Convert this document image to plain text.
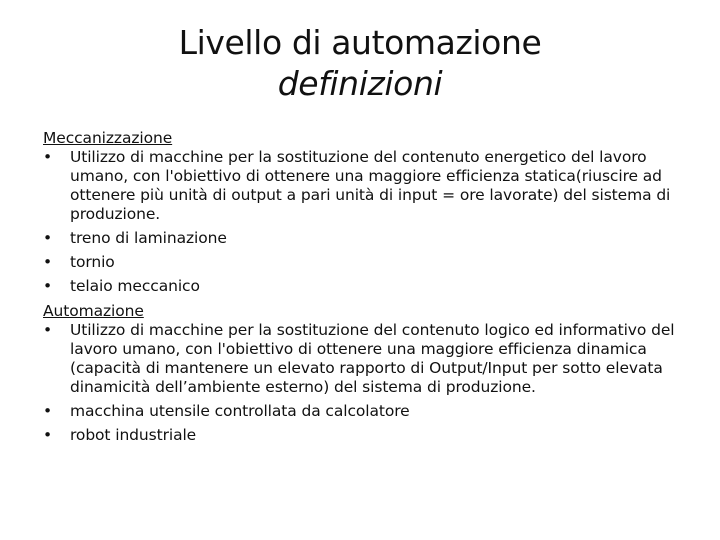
Livello di automazione
definizioni
Meccanizzazione
•	Utilizzo di macchine per la sostituzione del contenuto energetico del lavoro umano, con l'obiettivo di ottenere una maggiore efficienza statica(riuscire ad ottenere più unità di output a pari unità di input = ore lavorate) del sistema di produzione.
•	treno di laminazione
•	tornio
•	telaio meccanico
Automazione
•	Utilizzo di macchine per la sostituzione del contenuto logico ed informativo del lavoro umano, con l'obiettivo di ottenere una maggiore efficienza dinamica (capacità di mantenere un elevato rapporto di Output/Input per sotto elevata dinamicità dell’ambiente esterno) del sistema di produzione.
•	macchina utensile controllata da calcolatore
•	robot industriale
